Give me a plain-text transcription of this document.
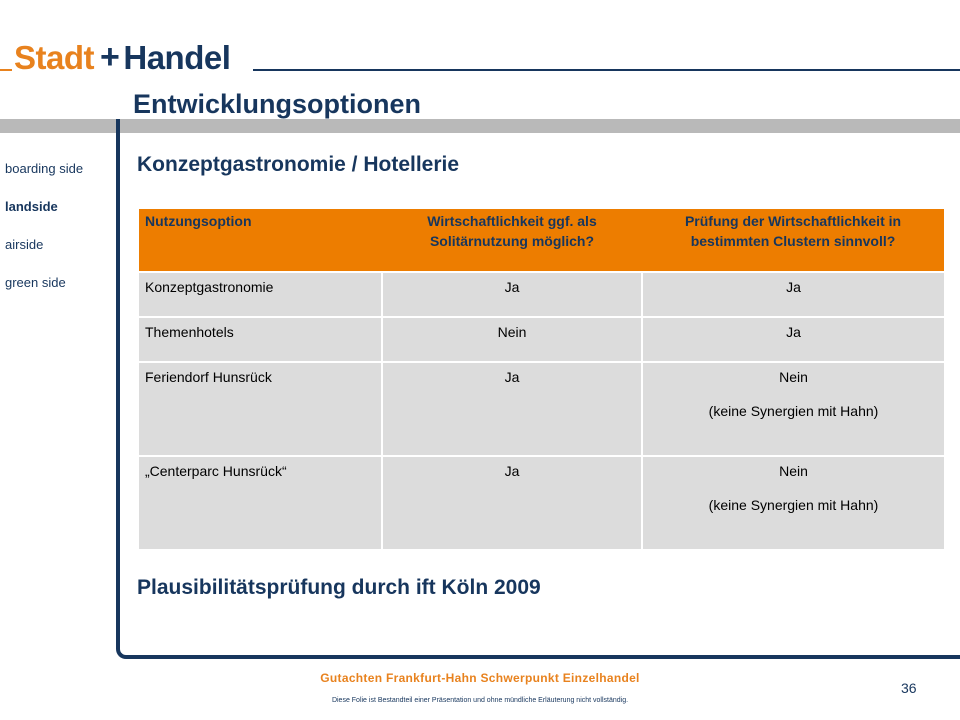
Stadt + Handel
Entwicklungsoptionen
boarding side
landside
airside
green side
Konzeptgastronomie / Hotellerie
Nutzungsoption	Wirtschaftlichkeit ggf. als Solitärnutzung möglich?	Prüfung der Wirtschaftlichkeit in bestimmten Clustern sinnvoll?
Konzeptgastronomie	Ja	Ja
Themenhotels	Nein	Ja
Feriendorf Hunsrück	Ja	Nein
(keine Synergien mit Hahn)

„Centerparc Hunsrück“	Ja	Nein
(keine Synergien mit Hahn)
Plausibilitätsprüfung durch ift Köln 2009
Gutachten Frankfurt-Hahn Schwerpunkt Einzelhandel
36
Diese Folie ist Bestandteil einer Präsentation und ohne mündliche Erläuterung nicht vollständig.
